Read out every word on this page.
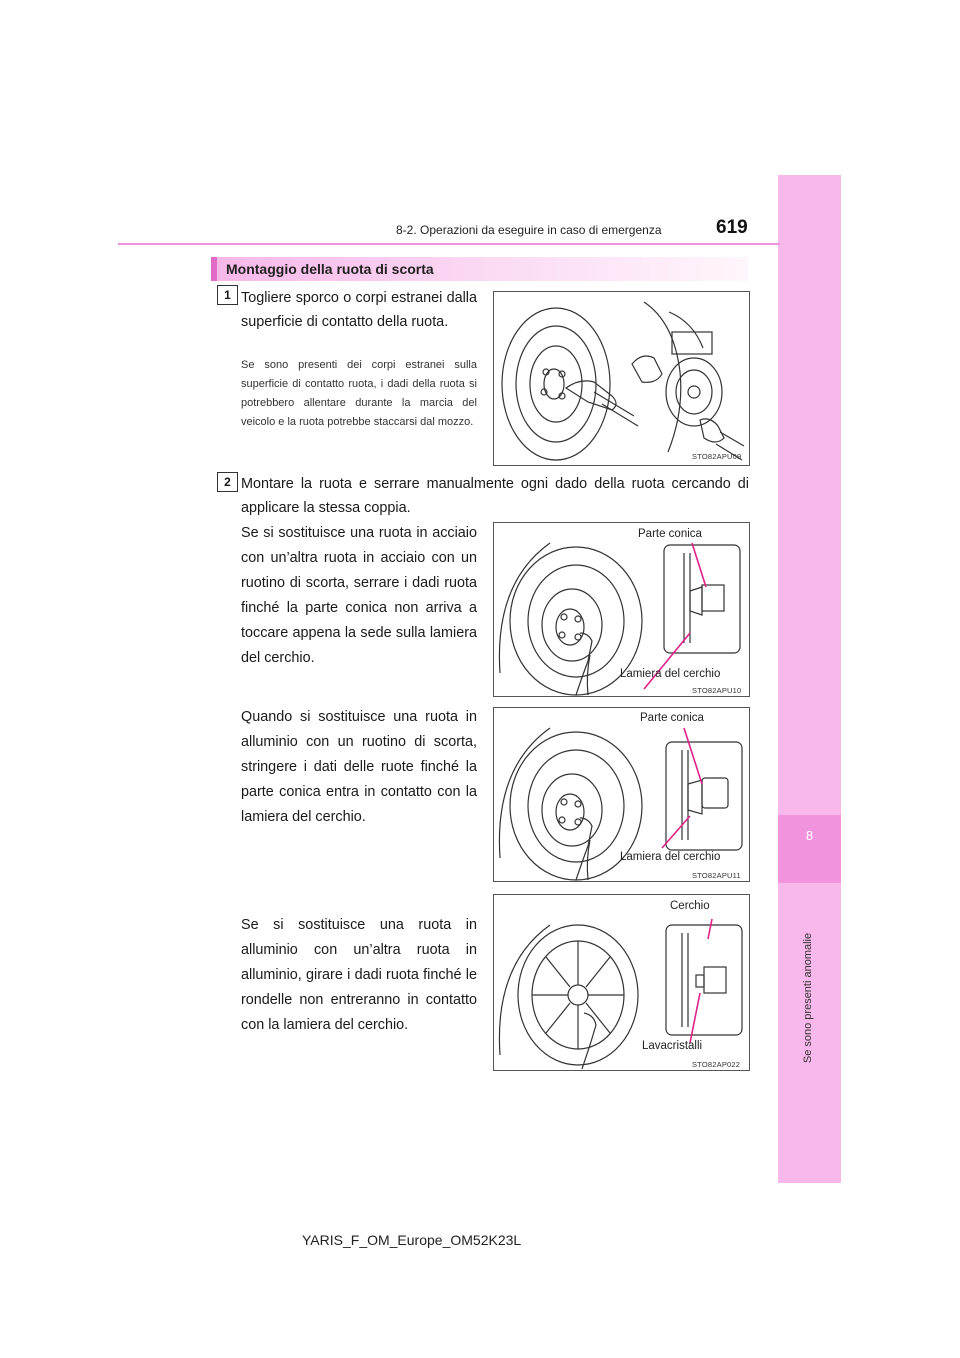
8
Se sono presenti anomalie
8-2. Operazioni da eseguire in caso di emergenza	619
Montaggio della ruota di scorta
1 Togliere sporco o corpi estranei dalla superficie di contatto della ruota.
Se sono presenti dei corpi estranei sulla superficie di contatto ruota, i dadi della ruota si potrebbero allentare durante la marcia del veicolo e la ruota potrebbe staccarsi dal mozzo.
STO82APU09
2 Montare la ruota e serrare manualmente ogni dado della ruota cercando di applicare la stessa coppia.
Se si sostituisce una ruota in acciaio con un’altra ruota in acciaio con un ruotino di scorta, serrare i dadi ruota finché la parte conica non arriva a toccare appena la sede sulla lamiera del cerchio.
Parte conica
Lamiera del cerchio
STO82APU10
Quando si sostituisce una ruota in alluminio con un ruotino di scorta, stringere i dati delle ruote finché la parte conica entra in contatto con la lamiera del cerchio.
Parte conica
Lamiera del cerchio
STO82APU11
Se si sostituisce una ruota in alluminio con un’altra ruota in alluminio, girare i dadi ruota finché le rondelle non entreranno in contatto con la lamiera del cerchio.
Cerchio
Lavacristalli
STO82AP022
YARIS_F_OM_Europe_OM52K23L
